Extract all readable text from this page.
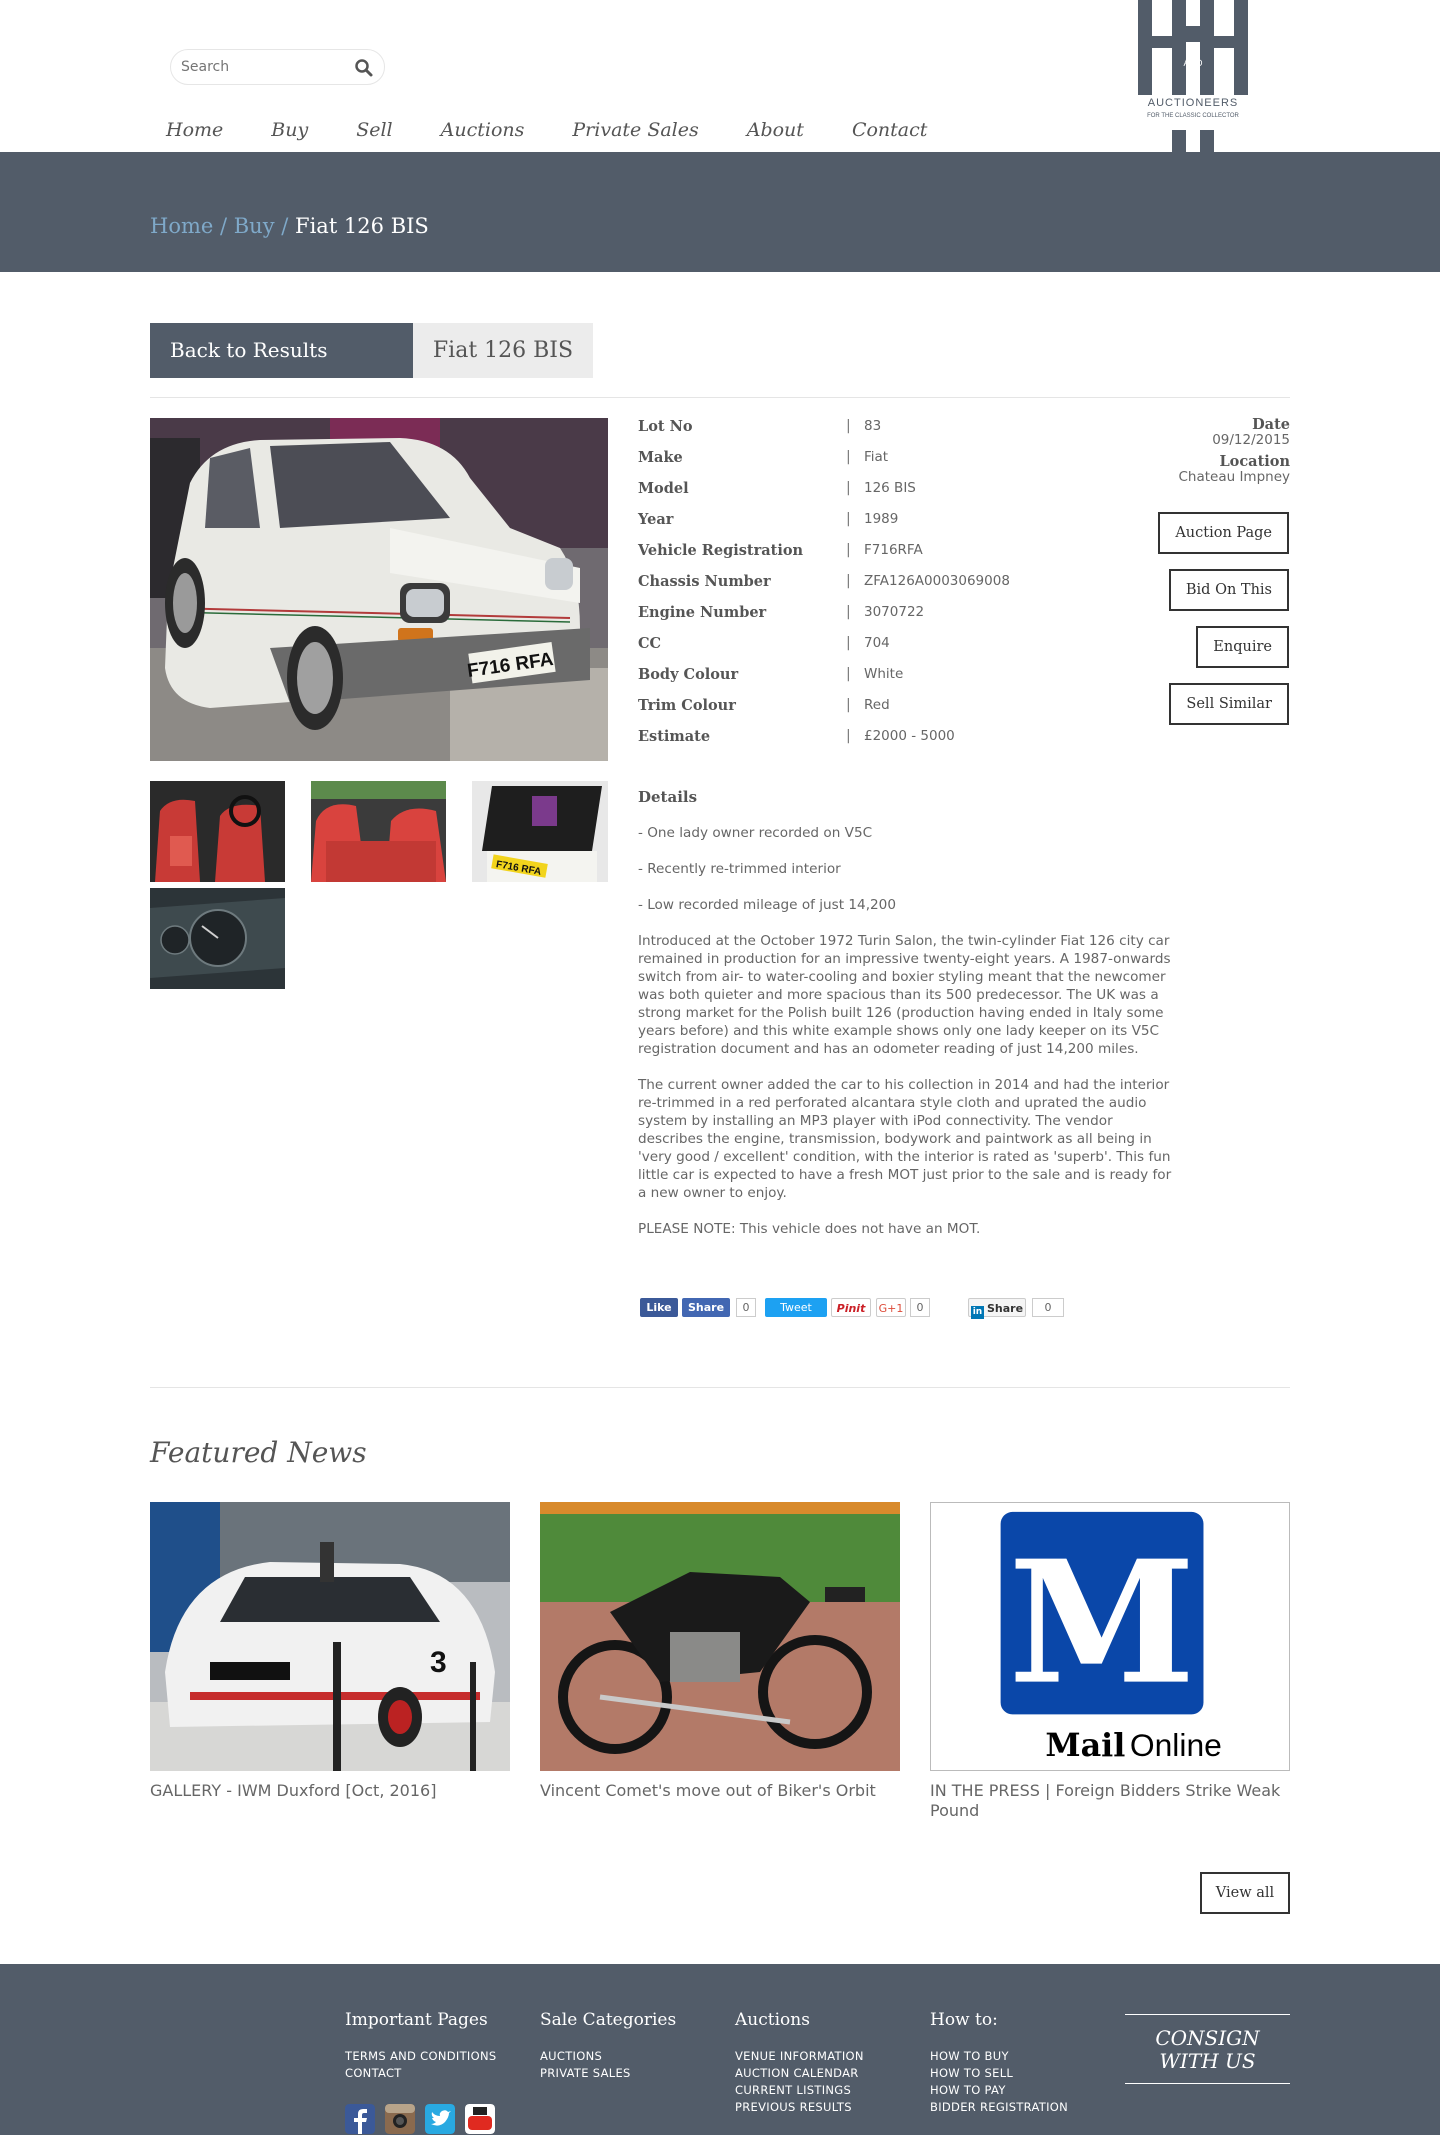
Search
Home	Buy	Sell	Auctions	Private Sales	About	Contact
AND
AUCTIONEERS
FOR THE CLASSIC COLLECTOR
Home / Buy / Fiat 126 BIS
Back to Results	Fiat 126 BIS
F716 RFA
F716 RFA
Lot No	| 83
Make	| Fiat
Model	| 126 BIS
Year	| 1989
Vehicle Registration	| F716RFA
Chassis Number	| ZFA126A0003069008
Engine Number	| 3070722
CC	| 704
Body Colour	| White
Trim Colour	| Red
Estimate	| £2000 - 5000
Date
09/12/2015
Location
Chateau Impney
Auction Page
Bid On This
Enquire
Sell Similar
Details

- One lady owner recorded on V5C

- Recently re-trimmed interior

- Low recorded mileage of just 14,200

Introduced at the October 1972 Turin Salon, the twin-cylinder Fiat 126 city car remained in production for an impressive twenty-eight years. A 1987-onwards switch from air- to water-cooling and boxier styling meant that the newcomer was both quieter and more spacious than its 500 predecessor. The UK was a strong market for the Polish built 126 (production having ended in Italy some years before) and this white example shows only one lady keeper on its V5C registration document and has an odometer reading of just 14,200 miles.

The current owner added the car to his collection in 2014 and had the interior re-trimmed in a red perforated alcantara style cloth and uprated the audio system by installing an MP3 player with iPod connectivity. The vendor describes the engine, transmission, bodywork and paintwork as all being in 'very good / excellent' condition, with the interior is rated as 'superb'. This fun little car is expected to have a fresh MOT just prior to the sale and is ready for a new owner to enjoy.

PLEASE NOTE: This vehicle does not have an MOT.

Like	Share	0	Tweet	Pinit	G+1	0	in Share	0
Featured News
3	M
Mail Online
GALLERY - IWM Duxford [Oct, 2016]	Vincent Comet's move out of Biker's Orbit	IN THE PRESS | Foreign Bidders Strike Weak Pound
View all
Important Pages
TERMS AND CONDITIONS
CONTACT
Sale Categories
AUCTIONS
PRIVATE SALES
Auctions
VENUE INFORMATION
AUCTION CALENDAR
CURRENT LISTINGS
PREVIOUS RESULTS
How to:
HOW TO BUY
HOW TO SELL
HOW TO PAY
BIDDER REGISTRATION
CONSIGN
WITH US
